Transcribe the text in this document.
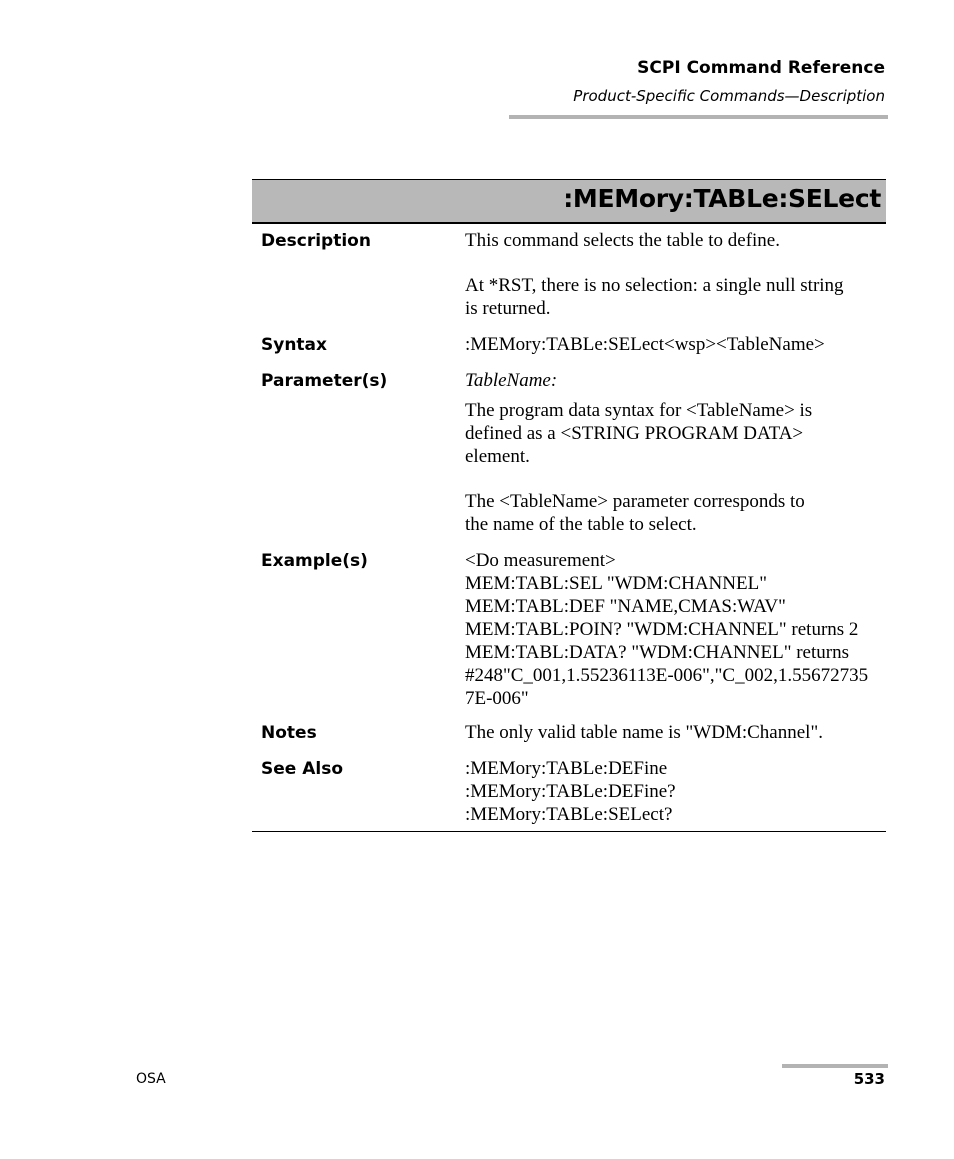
SCPI Command Reference
Product-Specific Commands—Description
:MEMory:TABLe:SELect
Description	This command selects the table to define.
At *RST, there is no selection: a single null string
is returned.
Syntax	:MEMory:TABLe:SELect<wsp><TableName>
Parameter(s)	TableName:
The program data syntax for <TableName> is
defined as a <STRING PROGRAM DATA>
element.
The <TableName> parameter corresponds to
the name of the table to select.
Example(s)	<Do measurement>
MEM:TABL:SEL "WDM:CHANNEL"
MEM:TABL:DEF "NAME,CMAS:WAV"
MEM:TABL:POIN? "WDM:CHANNEL" returns 2
MEM:TABL:DATA? "WDM:CHANNEL" returns
#248"C_001,1.55236113E-006","C_002,1.55672735
7E-006"
Notes	The only valid table name is "WDM:Channel".
See Also	:MEMory:TABLe:DEFine
:MEMory:TABLe:DEFine?
:MEMory:TABLe:SELect?
OSA	533
